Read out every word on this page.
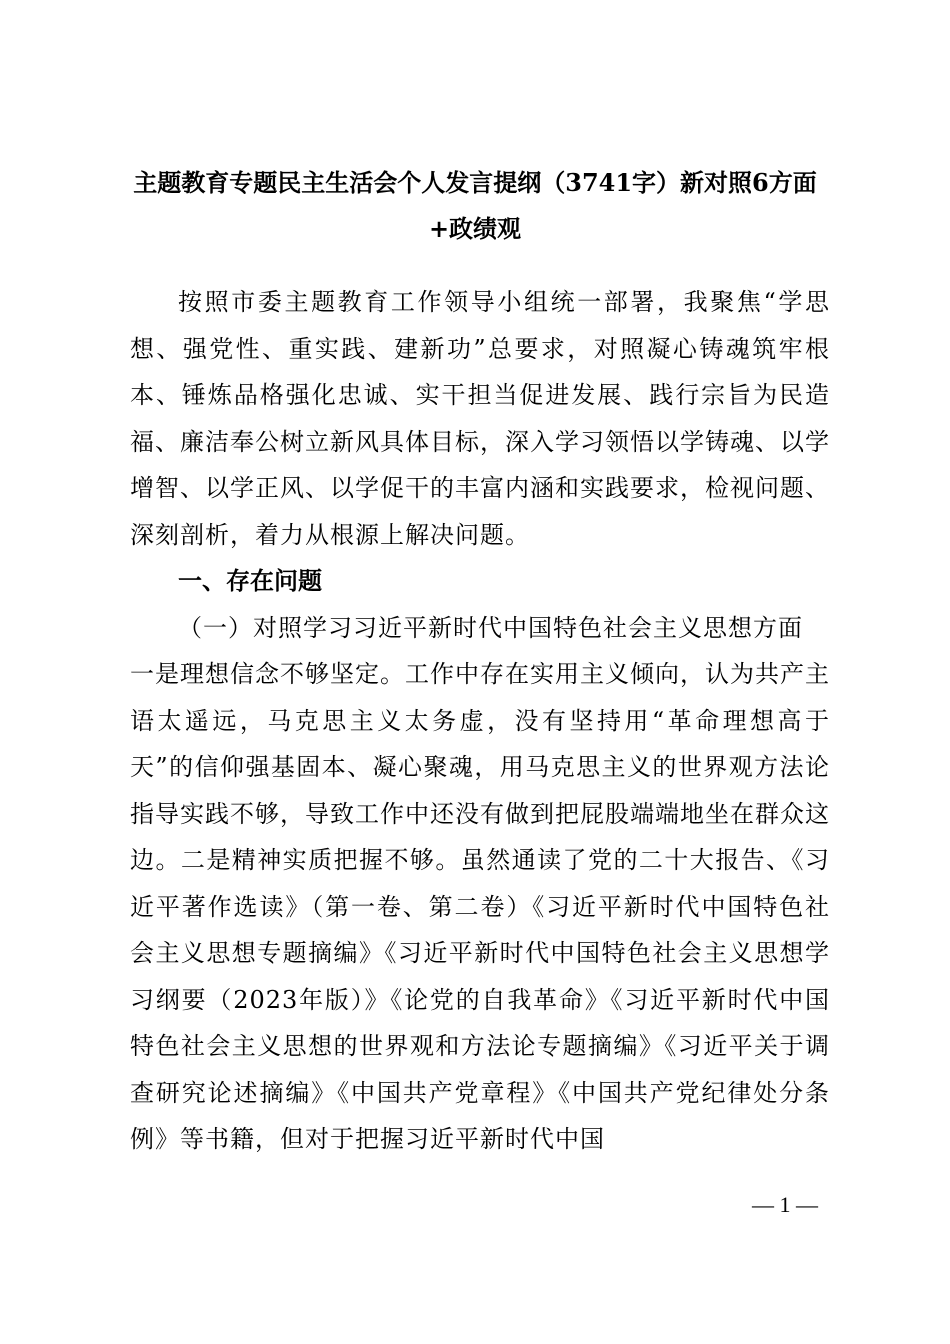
主题教育专题民主生活会个人发言提纲（3741字）新对照6方面+政绩观

按照市委主题教育工作领导小组统一部署，我聚焦“学思想、强党性、重实践、建新功”总要求，对照凝心铸魂筑牢根本、锤炼品格强化忠诚、实干担当促进发展、践行宗旨为民造福、廉洁奉公树立新风具体目标，深入学习领悟以学铸魂、以学增智、以学正风、以学促干的丰富内涵和实践要求，检视问题、深刻剖析，着力从根源上解决问题。

一、存在问题

（一）对照学习习近平新时代中国特色社会主义思想方面

一是理想信念不够坚定。工作中存在实用主义倾向，认为共产主语太遥远，马克思主义太务虚，没有坚持用“革命理想高于天”的信仰强基固本、凝心聚魂，用马克思主义的世界观方法论指导实践不够，导致工作中还没有做到把屁股端端地坐在群众这边。二是精神实质把握不够。虽然通读了党的二十大报告、《习近平著作选读》（第一卷、第二卷）《习近平新时代中国特色社会主义思想专题摘编》《习近平新时代中国特色社会主义思想学习纲要（2023年版）》《论党的自我革命》《习近平新时代中国特色社会主义思想的世界观和方法论专题摘编》《习近平关于调查研究论述摘编》《中国共产党章程》《中国共产党纪律处分条例》等书籍，但对于把握习近平新时代中国

— 1 —
